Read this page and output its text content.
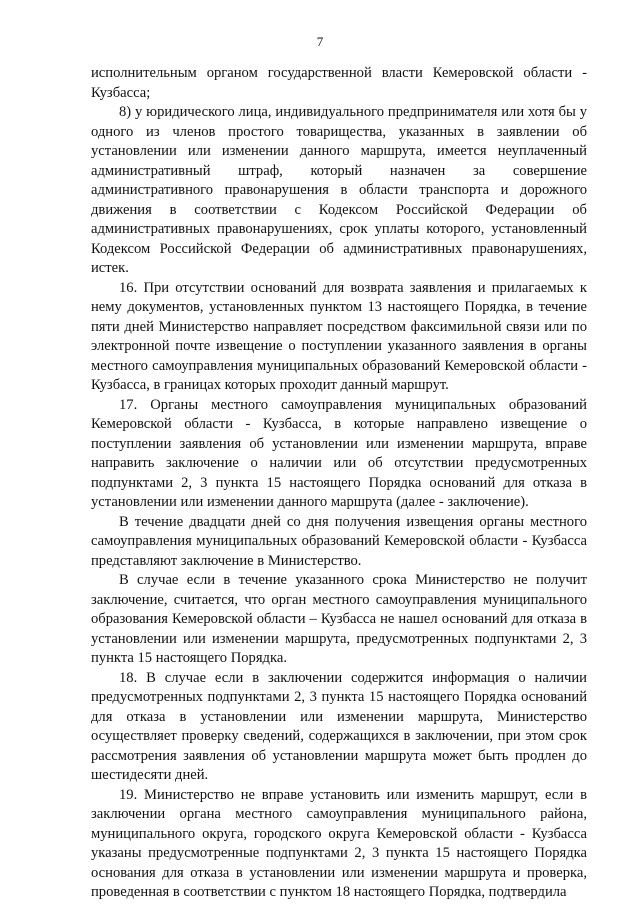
7

исполнительным органом государственной власти Кемеровской области - Кузбасса;

8) у юридического лица, индивидуального предпринимателя или хотя бы у одного из членов простого товарищества, указанных в заявлении об установлении или изменении данного маршрута, имеется неуплаченный административный штраф, который назначен за совершение административного правонарушения в области транспорта и дорожного движения в соответствии с Кодексом Российской Федерации об административных правонарушениях, срок уплаты которого, установленный Кодексом Российской Федерации об административных правонарушениях, истек.

16. При отсутствии оснований для возврата заявления и прилагаемых к нему документов, установленных пунктом 13 настоящего Порядка, в течение пяти дней Министерство направляет посредством факсимильной связи или по электронной почте извещение о поступлении указанного заявления в органы местного самоуправления муниципальных образований Кемеровской области - Кузбасса, в границах которых проходит данный маршрут.

17. Органы местного самоуправления муниципальных образований Кемеровской области - Кузбасса, в которые направлено извещение о поступлении заявления об установлении или изменении маршрута, вправе направить заключение о наличии или об отсутствии предусмотренных подпунктами 2, 3 пункта 15 настоящего Порядка оснований для отказа в установлении или изменении данного маршрута (далее - заключение).

В течение двадцати дней со дня получения извещения органы местного самоуправления муниципальных образований Кемеровской области - Кузбасса представляют заключение в Министерство.

В случае если в течение указанного срока Министерство не получит заключение, считается, что орган местного самоуправления муниципального образования Кемеровской области – Кузбасса не нашел оснований для отказа в установлении или изменении маршрута, предусмотренных подпунктами 2, 3 пункта 15 настоящего Порядка.

18. В случае если в заключении содержится информация о наличии предусмотренных подпунктами 2, 3 пункта 15 настоящего Порядка оснований для отказа в установлении или изменении маршрута, Министерство осуществляет проверку сведений, содержащихся в заключении, при этом срок рассмотрения заявления об установлении маршрута может быть продлен до шестидесяти дней.

19. Министерство не вправе установить или изменить маршрут, если в заключении органа местного самоуправления муниципального района, муниципального округа, городского округа Кемеровской области - Кузбасса указаны предусмотренные подпунктами 2, 3 пункта 15 настоящего Порядка основания для отказа в установлении или изменении маршрута и проверка, проведенная в соответствии с пунктом 18 настоящего Порядка, подтвердила
